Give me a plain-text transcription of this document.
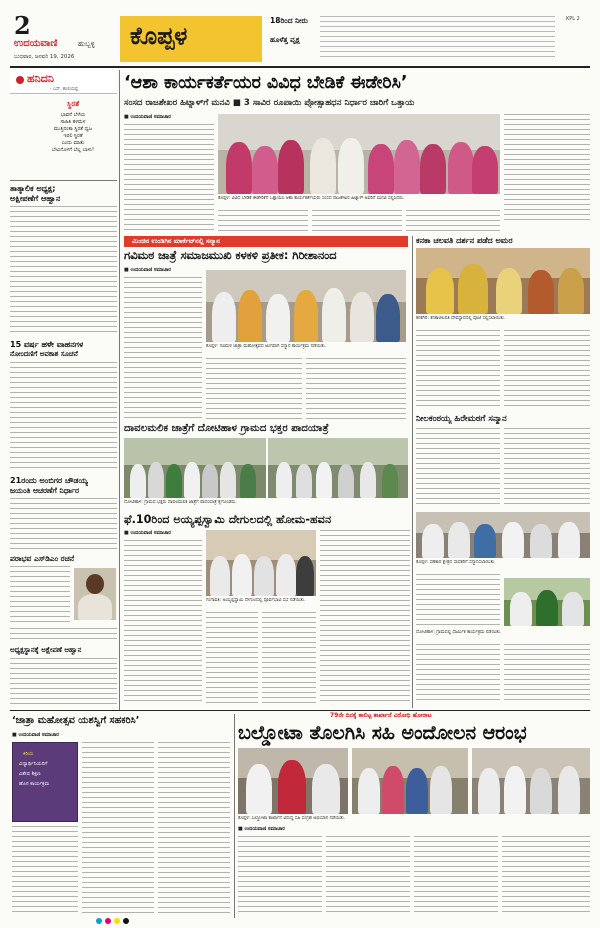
2
ಉದಯವಾಣಿ	ಹುಬ್ಬಳ್ಳಿ
ಬುಧವಾರ, ಜನವರಿ 19, 2026
ಕೊಪ್ಪಳ
18ರಿಂದ ನೀರು
ಹೂಳೆತ್ತ ವೃಕ್ಷ
KPL 2
ಹನಿದನಿ
- ಎಸ್. ಹುಲಿಯಪ್ಪ
ಸ್ಥಿರತೆ
ಭಾವನೆ ಬೆಳೆಯ
ಸಾಹಿತಿ ತಳಮಳ
ಮುತ್ತಿನಂತಾ ಸ್ಥಿರತೆ ಧ್ವಜ
ಇರಲಿ ಸ್ಥಿರತೆ
ಎಂದು ಮಾತು
ಬೇವಿನೊಳಗೆ ಬೆಲ್ಲ ಬಾಳು!
ತಾತ್ಕಾಲಿಕ ಅಧ್ಯಕ್ಷ;
ಅಕ್ಷೀಪಣೆಗೆ ಆಹ್ವಾನ
15 ವರ್ಷ ಹಳೇ ವಾಹನಗಳ
ನೋಂದಣಿಗೆ ಅವಕಾಶ ಸೂಚನೆ
21ರಂದು ಅಂಬಿಗರ ಚೌಡಯ್ಯ
ಜಯಂತಿ ಆಚರಣೆಗೆ ನಿರ್ಧಾರ
ಪರಾಭವ ಎಸ್‌ಡಿಎಂ ರಚನೆ
ಅಧ್ಯಕ್ಷಸ್ಥಾನಕ್ಕೆ ಅಕ್ಷೇಪಣೆ ಆಹ್ವಾನ
‘ಆಶಾ ಕಾರ್ಯಕರ್ತೆಯರ ವಿವಿಧ ಬೇಡಿಕೆ ಈಡೇರಿಸಿ’
ಸಂಸದ ರಾಜಶೇಖರ ಹಿಟ್ನಾಳ್‌ಗೆ ಮನವಿ ■ 3 ಸಾವಿರ ರೂಪಾಯಿ ಪ್ರೋತ್ಸಾಹಧನ ನಿರ್ಧಾರ ಜಾರಿಗೆ ಒತ್ತಾಯ
■ ಉದಯವಾಣಿ ಸಮಾಚಾರ
ಕೊಪ್ಪಳ: ವಿವಿಧ ಬೇಡಿಕೆ ಈಡೇರಿಕೆಗೆ ಒತ್ತಾಯಿಸಿ ಆಶಾ ಕಾರ್ಯಕರ್ತೆಯರು ಸಂಸದ ರಾಜಶೇಖರ ಹಿಟ್ನಾಳ್ ಅವರಿಗೆ ಮನವಿ ಸಲ್ಲಿಸಿದರು.
ಮಿಂಚಿನ ಉಂಡಿಗಿನ ಮಾರ್ಕೆಟ್‌ನಲ್ಲಿ ಸನ್ಮಾನ
ಗವಿಮಠ ಜಾತ್ರೆ ಸಮಾಜಮುಖಿ ಕಳಕಳಿ ಪ್ರತೀಕ: ಗಿರೀಶಾನಂದ
■ ಉದಯವಾಣಿ ಸಮಾಚಾರ
ಕೊಪ್ಪಳ: ಗವಿಮಠ ಜಾತ್ರಾ ಮಹೋತ್ಸವದ ಅಂಗವಾಗಿ ಸನ್ಮಾನ ಕಾರ್ಯಕ್ರಮ ನಡೆಯಿತು.
ದಾವಲಮಲಿಕ ಜಾತ್ರೆಗೆ ದೋಟಿಹಾಳ ಗ್ರಾಮದ ಭಕ್ತರ ಪಾದಯಾತ್ರೆ
ದೋಟಿಹಾಳ: ಗ್ರಾಮದ ಭಕ್ತರು ದಾವಲಮಲಿಕ ಜಾತ್ರೆಗೆ ಪಾದಯಾತ್ರೆ ಕೈಗೊಂಡರು.
ಫೆ.10ರಿಂದ ಅಯ್ಯಪ್ಪಸ್ವಾಮಿ ದೇಗುಲದಲ್ಲಿ ಹೋಮ-ಹವನ
■ ಉದಯವಾಣಿ ಸಮಾಚಾರ
ಗಂಗಾವತಿ: ಅಯ್ಯಪ್ಪಸ್ವಾಮಿ ದೇಗುಲದಲ್ಲಿ ಪೂರ್ವಭಾವಿ ಸಭೆ ನಡೆಯಿತು.
ಕನಕಾ ಚಲವತಿ ದರ್ಶನ ಪಡೆದ ಅಮರ
ಕನಕಗಿರಿ: ಕನಕಾಚಲಪತಿ ದೇವಸ್ಥಾನದಲ್ಲಿ ಪೂಜೆ ಸಲ್ಲಿಸಲಾಯಿತು.
ನೀಲಕಂಠಯ್ಯ ಹಿರೇಮಠಗೆ ಸನ್ಮಾನ
ಕೊಪ್ಪಳ: ಸಹಕಾರ ಕ್ಷೇತ್ರದ ಸಾಧಕರಿಗೆ ಸನ್ಮಾನಿಸಲಾಯಿತು.
ದೋಟಿಹಾಳ: ಗ್ರಾಮದಲ್ಲಿ ಧಾರ್ಮಿಕ ಕಾರ್ಯಕ್ರಮ ನಡೆಯಿತು.
‘ಜಾತ್ರಾ ಮಹೋತ್ಸವ ಯಶಸ್ವಿಗೆ ಸಹಕರಿಸಿ’
■ ಉದಯವಾಣಿ ಸಮಾಚಾರ
ಕಿರಿಯ
ವಿದ್ಯಾರ್ಥಿನಿಯರಿಗೆ
ವಿಶೇಷ ಶಿಕ್ಷಣ
ಹೊಸ ಕಾರ್ಯಕ್ರಮ
79ನೇ ದಿನಕ್ಕೆ ಕಾಲಿಟ್ಟ ಕಾರ್ಖಾನೆ ವಿರೋಧಿ ಹೋರಾಟ
ಬಲ್ಡೋಟಾ ತೊಲಗಿಸಿ ಸಹಿ ಅಂದೋಲನ ಆರಂಭ
ಕೊಪ್ಪಳ: ಬಲ್ಡೋಟಾ ಕಾರ್ಖಾನೆ ವಿರುದ್ಧ ಸಹಿ ಸಂಗ್ರಹ ಅಭಿಯಾನ ನಡೆಯಿತು.
■ ಉದಯವಾಣಿ ಸಮಾಚಾರ
